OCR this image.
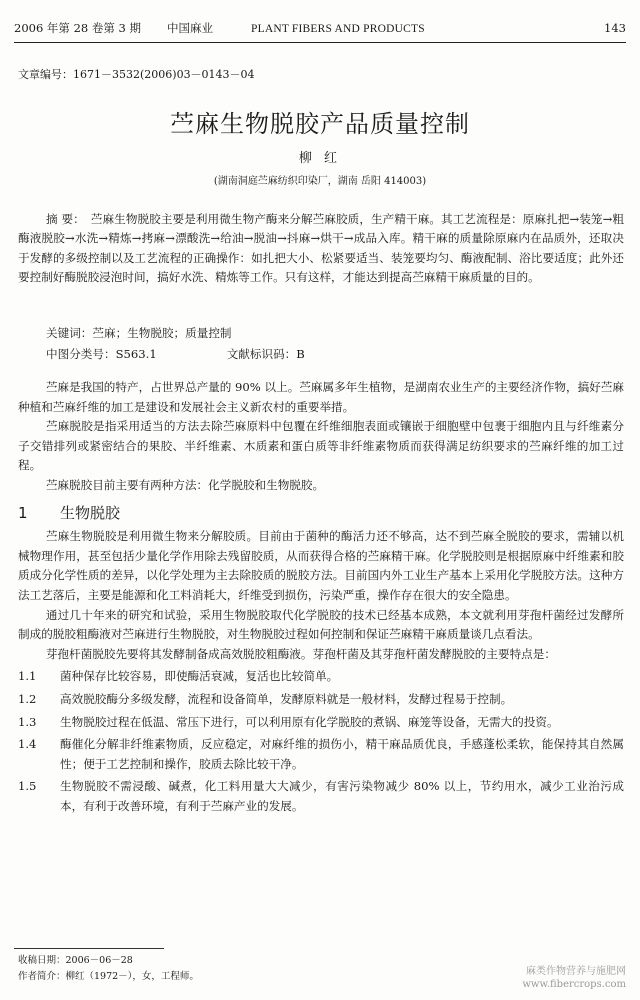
2006 年第 28 卷第 3 期 中国麻业	PLANT FIBERS AND PRODUCTS	143
文章编号：1671－3532(2006)03－0143－04
苎麻生物脱胶产品质量控制
柳 红
(湖南洞庭苎麻纺织印染厂，湖南 岳阳 414003)
摘 要： 苎麻生物脱胶主要是利用微生物产酶来分解苎麻胶质，生产精干麻。其工艺流程是：原麻扎把→装笼→粗酶液脱胶→水洗→精炼→拷麻→漂酸洗→给油→脱油→抖麻→烘干→成品入库。精干麻的质量除原麻内在品质外，还取决于发酵的多级控制以及工艺流程的正确操作：如扎把大小、松紧要适当、装笼要均匀、酶液配制、浴比要适度；此外还要控制好酶脱胶浸泡时间，搞好水洗、精炼等工作。只有这样，才能达到提高苎麻精干麻质量的目的。
关键词：苎麻；生物脱胶；质量控制
中图分类号：S563.1	文献标识码：B

苎麻是我国的特产，占世界总产量的 90% 以上。苎麻属多年生植物，是湖南农业生产的主要经济作物，搞好苎麻种植和苎麻纤维的加工是建设和发展社会主义新农村的重要举措。

苎麻脱胶是指采用适当的方法去除苎麻原料中包覆在纤维细胞表面或镶嵌于细胞壁中包裹于细胞内且与纤维素分子交错排列或紧密结合的果胶、半纤维素、木质素和蛋白质等非纤维素物质而获得满足纺织要求的苎麻纤维的加工过程。

苎麻脱胶目前主要有两种方法：化学脱胶和生物脱胶。

1	生物脱胶

苎麻生物脱胶是利用微生物来分解胶质。目前由于菌种的酶活力还不够高，达不到苎麻全脱胶的要求，需辅以机械物理作用，甚至包括少量化学作用除去残留胶质，从而获得合格的苎麻精干麻。化学脱胶则是根据原麻中纤维素和胶质成分化学性质的差异，以化学处理为主去除胶质的脱胶方法。目前国内外工业生产基本上采用化学脱胶方法。这种方法工艺落后，主要是能源和化工料消耗大，纤维受到损伤，污染严重，操作存在很大的安全隐患。

通过几十年来的研究和试验，采用生物脱胶取代化学脱胶的技术已经基本成熟，本文就利用芽孢杆菌经过发酵所制成的脱胶粗酶液对苎麻进行生物脱胶，对生物脱胶过程如何控制和保证苎麻精干麻质量谈几点看法。

芽孢杆菌脱胶先要将其发酵制备成高效脱胶粗酶液。芽孢杆菌及其芽孢杆菌发酵脱胶的主要特点是：

1.1	菌种保存比较容易，即使酶活衰减，复活也比较简单。
1.2	高效脱胶酶分多级发酵，流程和设备简单，发酵原料就是一般材料，发酵过程易于控制。
1.3	生物脱胶过程在低温、常压下进行，可以利用原有化学脱胶的煮锅、麻笼等设备，无需大的投资。
1.4	酶催化分解非纤维素物质，反应稳定，对麻纤维的损伤小，精干麻品质优良，手感蓬松柔软，能保持其自然属性；便于工艺控制和操作，胶质去除比较干净。
1.5	生物脱胶不需浸酸、碱煮，化工料用量大大减少，有害污染物减少 80% 以上，节约用水，减少工业治污成本，有利于改善环境，有利于苎麻产业的发展。
收稿日期：2006－06－28
作者简介：柳红（1972－），女，工程师。	麻类作物营养与施肥网
www.fibercrops.com
